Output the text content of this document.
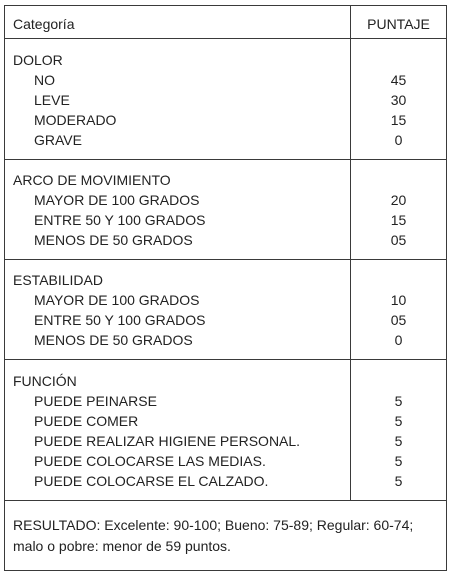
Categoría	PUNTAJE
DOLOR
NO	45
LEVE	30
MODERADO	15
GRAVE	0
ARCO DE MOVIMIENTO
MAYOR DE 100 GRADOS	20
ENTRE 50 Y 100 GRADOS	15
MENOS DE 50 GRADOS	05
ESTABILIDAD
MAYOR DE 100 GRADOS	10
ENTRE 50 Y 100 GRADOS	05
MENOS DE 50 GRADOS	0
FUNCIÓN
PUEDE PEINARSE	5
PUEDE COMER	5
PUEDE REALIZAR HIGIENE PERSONAL.	5
PUEDE COLOCARSE LAS MEDIAS.	5
PUEDE COLOCARSE EL CALZADO.	5
RESULTADO: Excelente: 90-100; Bueno: 75-89; Regular: 60-74; malo o pobre: menor de 59 puntos.
